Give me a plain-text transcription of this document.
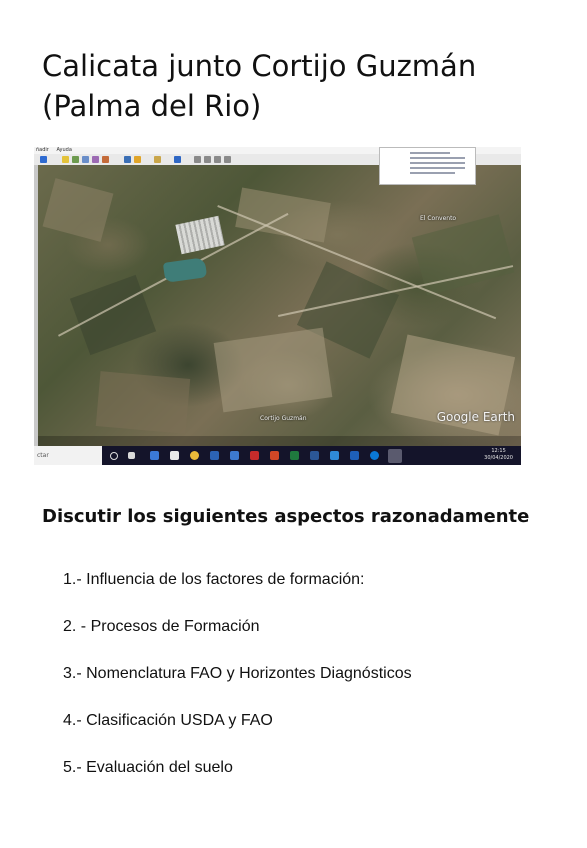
Calicata junto Cortijo Guzmán
(Palma del Rio)
ñadir Ayuda
El Convento
Cortijo Guzmán	Google Earth
ctar
12:15
30/04/2020
Discutir los siguientes aspectos razonadamente
1.- Influencia de los factores de formación:
2. - Procesos de Formación
3.- Nomenclatura FAO y Horizontes Diagnósticos
4.- Clasificación USDA y FAO
5.- Evaluación del suelo
